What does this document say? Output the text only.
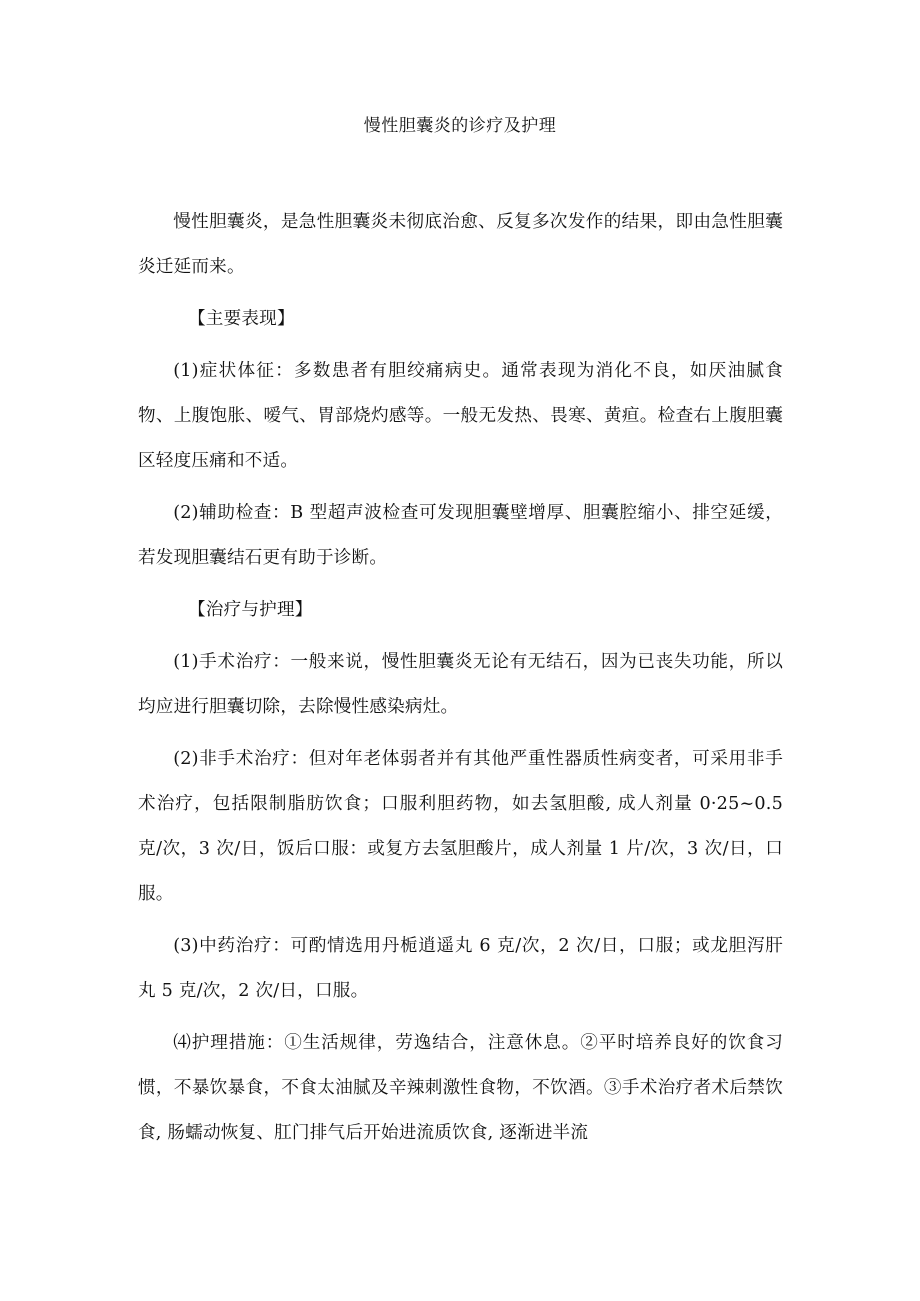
慢性胆囊炎的诊疗及护理

慢性胆囊炎，是急性胆囊炎未彻底治愈、反复多次发作的结果，即由急性胆囊炎迁延而来。

【主要表现】

(1)症状体征：多数患者有胆绞痛病史。通常表现为消化不良，如厌油腻食物、上腹饱胀、嗳气、胃部烧灼感等。一般无发热、畏寒、黄疸。检查右上腹胆囊区轻度压痛和不适。

(2)辅助检查：B 型超声波检查可发现胆囊壁增厚、胆囊腔缩小、排空延缓，若发现胆囊结石更有助于诊断。

【治疗与护理】

(1)手术治疗：一般来说，慢性胆囊炎无论有无结石，因为已丧失功能，所以均应进行胆囊切除，去除慢性感染病灶。

(2)非手术治疗：但对年老体弱者并有其他严重性器质性病变者，可采用非手术治疗，包括限制脂肪饮食；口服利胆药物，如去氢胆酸, 成人剂量 0·25~0.5 克/次，3 次/日，饭后口服：或复方去氢胆酸片，成人剂量 1 片/次，3 次/日，口服。

(3)中药治疗：可酌情选用丹栀逍遥丸 6 克/次，2 次/日，口服；或龙胆泻肝丸 5 克/次，2 次/日，口服。

⑷护理措施：①生活规律，劳逸结合，注意休息。②平时培养良好的饮食习惯，不暴饮暴食，不食太油腻及辛辣刺激性食物，不饮酒。③手术治疗者术后禁饮食, 肠蠕动恢复、肛门排气后开始进流质饮食, 逐渐进半流
